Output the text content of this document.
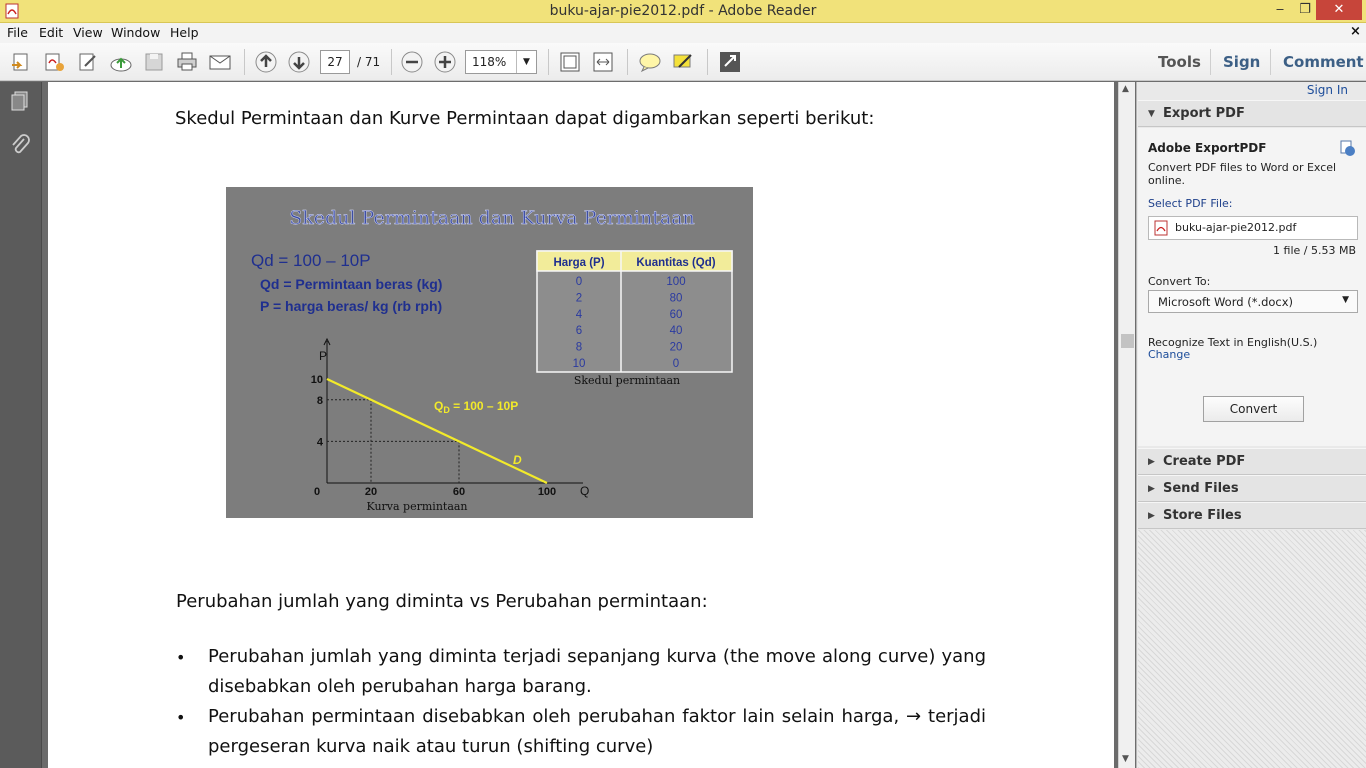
buku-ajar-pie2012.pdf - Adobe Reader	‒	❐	✕
File Edit View Window Help	×
27	/ 71	118%	▼	Tools Sign Comment
Skedul Permintaan dan Kurve Permintaan dapat digambarkan seperti berikut:
Skedul Permintaan dan Kurva Permintaan
Qd = 100 – 10P
Qd = Permintaan beras (kg)
P = harga beras/ kg (rb rph)
Harga (P)	Kuantitas (Qd)
0	100
2	80
4	60
6	40
8	20
10	0
Skedul permintaan
20	60	100
4
8
10
P
Q
0
$Q_D = 100 - 10P$
D
Kurva permintaan
Perubahan jumlah yang diminta vs Perubahan permintaan:
• Perubahan jumlah yang diminta terjadi sepanjang kurva (the move along curve) yang
disebabkan oleh perubahan harga barang.
• Perubahan permintaan disebabkan oleh perubahan faktor lain selain harga, → terjadi
pergeseran kurva naik atau turun (shifting curve)
▲
▼
Sign In
▼ Export PDF
Adobe ExportPDF
Convert PDF files to Word or Excel
online.
Select PDF File:
buku-ajar-pie2012.pdf
1 file / 5.53 MB
Convert To:
Microsoft Word (*.docx)	▼
Recognize Text in English(U.S.)
Change
Convert
▶ Create PDF
▶ Send Files
▶ Store Files
